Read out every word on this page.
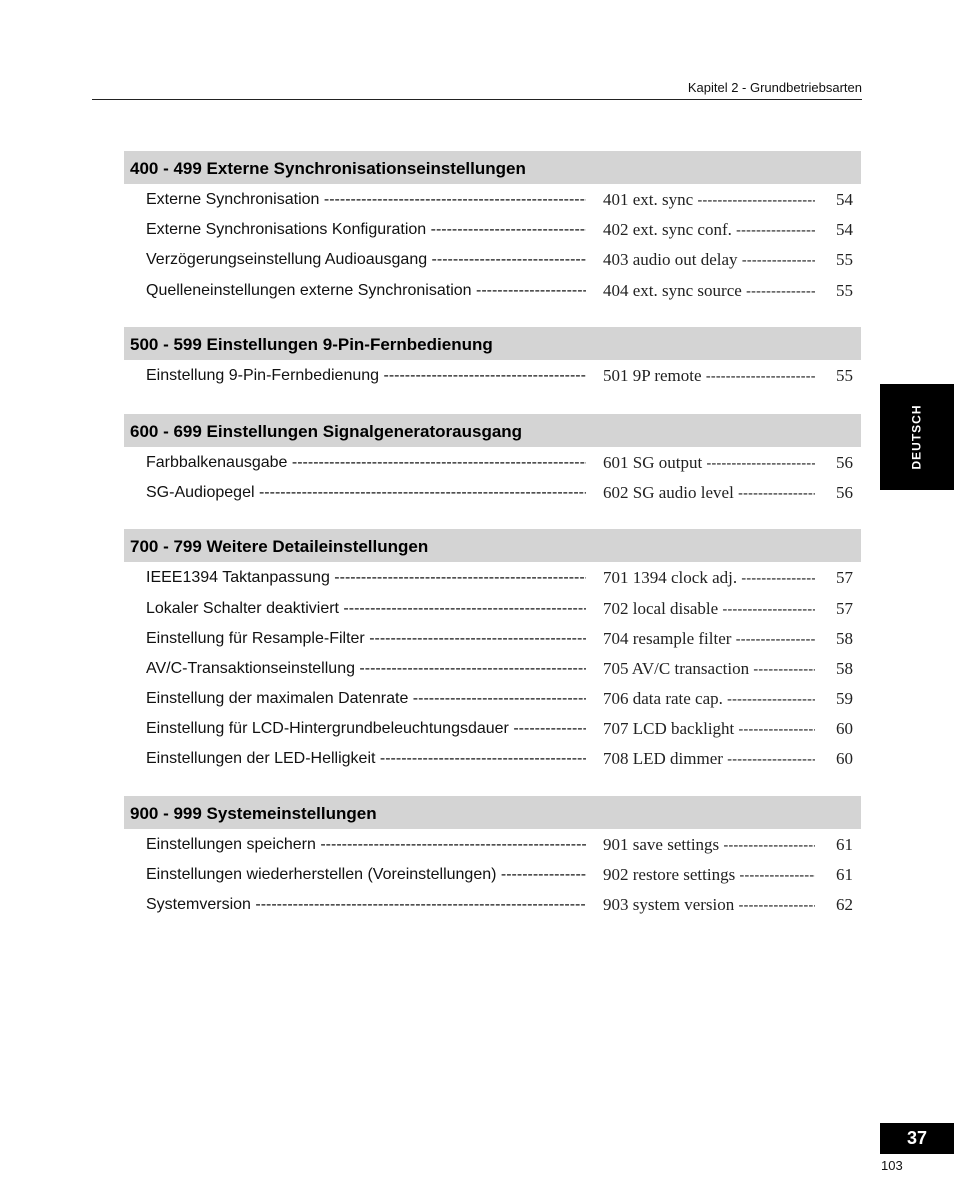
Kapitel 2 - Grundbetriebsarten
400 - 499 Externe Synchronisationseinstellungen
Externe Synchronisation -----	401 ext. sync -----	54
Externe Synchronisations Konfiguration -----	402 ext. sync conf. -----	54
Verzögerungseinstellung Audioausgang -----	403 audio out delay -----	55
Quelleneinstellungen externe Synchronisation -----	404 ext. sync source -----	55
500 - 599 Einstellungen 9-Pin-Fernbedienung
Einstellung 9-Pin-Fernbedienung -----	501 9P remote -----	55
600 - 699 Einstellungen Signalgeneratorausgang
Farbbalkenausgabe -----	601 SG output -----	56
SG-Audiopegel -----	602 SG audio level -----	56
700 - 799 Weitere Detaileinstellungen
IEEE1394 Taktanpassung -----	701 1394 clock adj. -----	57
Lokaler Schalter deaktiviert -----	702 local disable -----	57
Einstellung für Resample-Filter -----	704 resample filter -----	58
AV/C-Transaktionseinstellung -----	705 AV/C transaction -----	58
Einstellung der maximalen Datenrate -----	706 data rate cap. -----	59
Einstellung für LCD-Hintergrundbeleuchtungsdauer -----	707 LCD backlight -----	60
Einstellungen der LED-Helligkeit -----	708 LED dimmer -----	60
900 - 999 Systemeinstellungen
Einstellungen speichern -----	901 save settings -----	61
Einstellungen wiederherstellen (Voreinstellungen) -----	902 restore settings -----	61
Systemversion -----	903 system version -----	62
DEUTSCH
37
103
